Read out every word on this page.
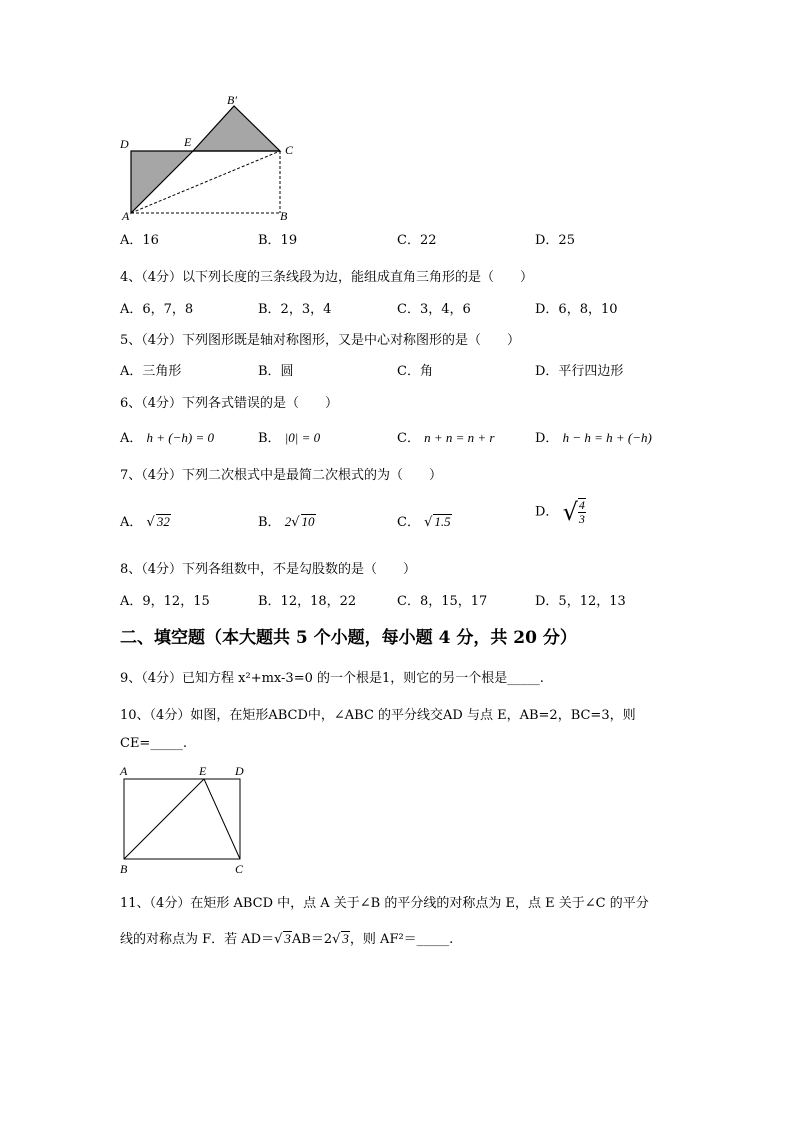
D	E
B′
C
A	B
A．16	B．19	C．22	D．25
4、（4分）以下列长度的三条线段为边，能组成直角三角形的是（　　）
A．6，7，8	B．2，3，4	C．3，4，6	D．6，8，10
5、（4分）下列图形既是轴对称图形，又是中心对称图形的是（　　）
A．三角形	B．圆	C．角	D．平行四边形
6、（4分）下列各式错误的是（　　）
A． h + (−h) = 0	B． |0| = 0	C． n + n = n + r	D． h − h = h + (−h)
7、（4分）下列二次根式中是最简二次根式的为（　　）
A． √ 32	B． 2√ 10	C． √ 1.5
D． √ $\frac{4}{3}$
8、（4分）下列各组数中，不是勾股数的是（　　）
A．9，12，15	B．12，18，22	C．8，15，17	D．5，12，13
二、填空题（本大题共 5 个小题，每小题 4 分，共 20 分）
9、（4分）已知方程 x²+mx-3=0 的一个根是1，则它的另一个根是_____.
10、（4分）如图，在矩形ABCD中，∠ABC 的平分线交AD 与点 E，AB=2，BC=3，则
CE=_____.
A	E D
B	C
11、（4分）在矩形 ABCD 中，点 A 关于∠B 的平分线的对称点为 E，点 E 关于∠C 的平分
线的对称点为 F．若 AD＝√ 3AB＝2√ 3，则 AF²＝_____.
